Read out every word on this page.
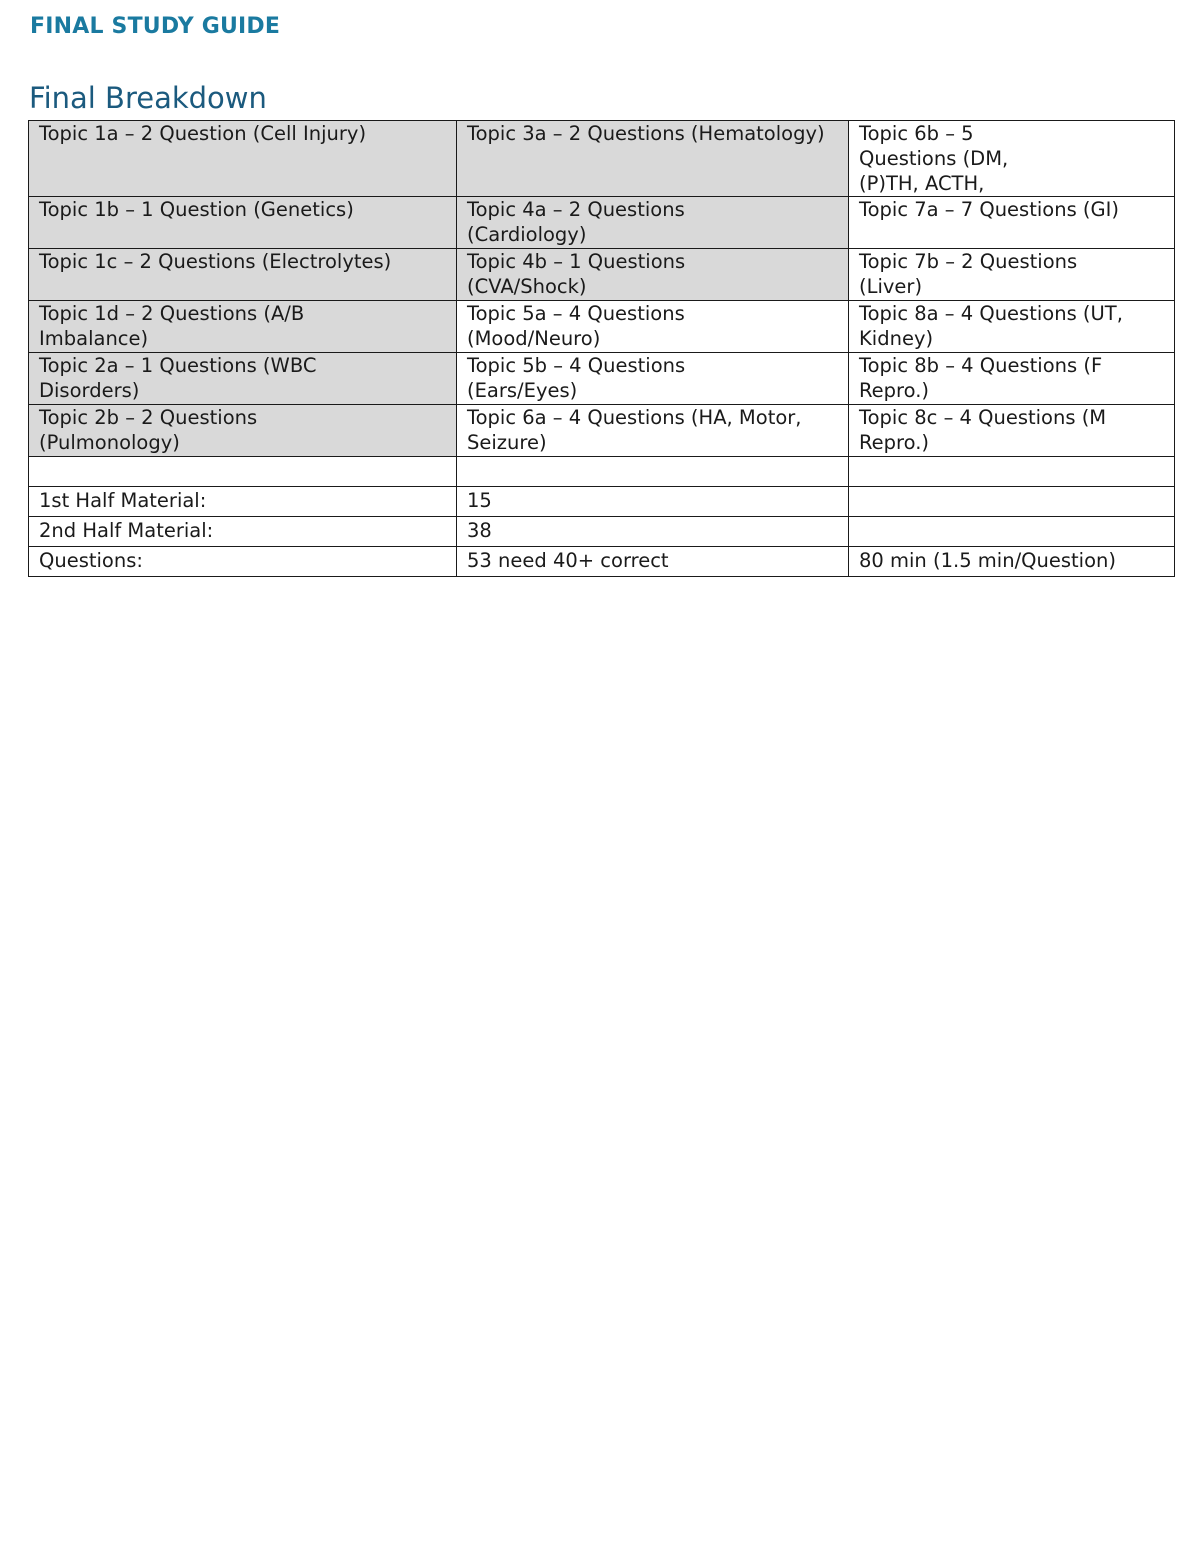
FINAL STUDY GUIDE
Final Breakdown
Topic 1a – 2 Question (Cell Injury)	Topic 3a – 2 Questions (Hematology)	Topic 6b – 5 Questions (DM, (P)TH, ACTH,
Topic 1b – 1 Question (Genetics)	Topic 4a – 2 Questions (Cardiology)	Topic 7a – 7 Questions (GI)
Topic 1c – 2 Questions (Electrolytes)	Topic 4b – 1 Questions (CVA/Shock)	Topic 7b – 2 Questions (Liver)
Topic 1d – 2 Questions (A/B Imbalance)	Topic 5a – 4 Questions (Mood/Neuro)	Topic 8a – 4 Questions (UT, Kidney)
Topic 2a – 1 Questions (WBC Disorders)	Topic 5b – 4 Questions (Ears/Eyes)	Topic 8b – 4 Questions (F Repro.)
Topic 2b – 2 Questions (Pulmonology)	Topic 6a – 4 Questions (HA, Motor, Seizure)	Topic 8c – 4 Questions (M Repro.)

1st Half Material:	15	
2nd Half Material:	38	
Questions:	53 need 40+ correct	80 min (1.5 min/Question)
